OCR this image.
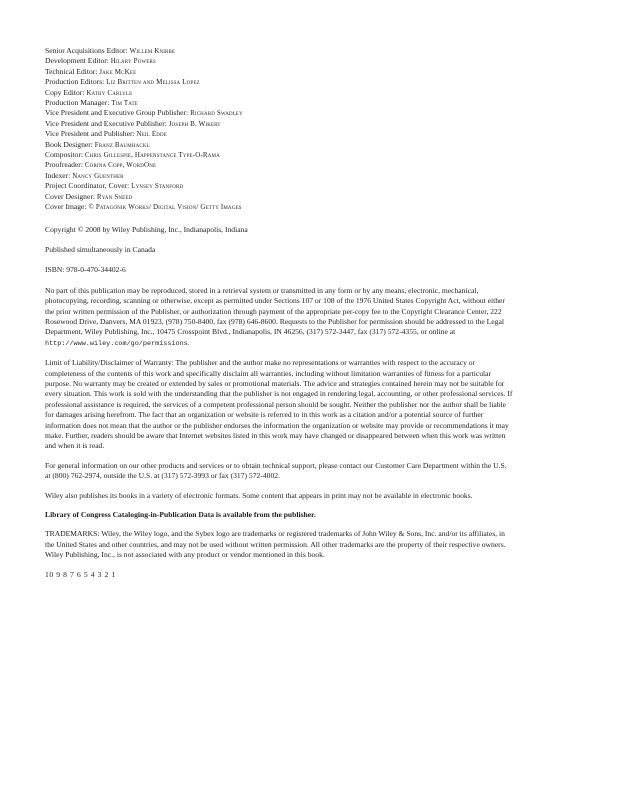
Senior Acquisitions Editor: Willem Knibbe
Development Editor: Hilary Powers
Technical Editor: Jake McKee
Production Editors: Liz Britten and Melissa Lopez
Copy Editor: Kathy Carlyle
Production Manager: Tim Tate
Vice President and Executive Group Publisher: Richard Swadley
Vice President and Executive Publisher: Joseph B. Wikert
Vice President and Publisher: Neil Edde
Book Designer: Franz Baumhackl
Compositor: Chris Gillespie, Happenstance Type-O-Rama
Proofreader: Corina Copp, WordOne
Indexer: Nancy Guenther
Project Coordinator, Cover: Lynsey Stanford
Cover Designer: Ryan Sneed
Cover Image: © Patagonik Works/ Digital Vision/ Getty Images

Copyright © 2008 by Wiley Publishing, Inc., Indianapolis, Indiana

Published simultaneously in Canada

ISBN: 978-0-470-34402-6

No part of this publication may be reproduced, stored in a retrieval system or transmitted in any form or by any means, electronic, mechanical, photocopying, recording, scanning or otherwise, except as permitted under Sections 107 or 108 of the 1976 United States Copyright Act, without either the prior written permission of the Publisher, or authorization through payment of the appropriate per-copy fee to the Copyright Clearance Center, 222 Rosewood Drive, Danvers, MA 01923, (978) 750-8400, fax (978) 646-8600. Requests to the Publisher for permission should be addressed to the Legal Department, Wiley Publishing, Inc., 10475 Crosspoint Blvd., Indianapolis, IN 46256, (317) 572-3447, fax (317) 572-4355, or online at http://www.wiley.com/go/permissions.

Limit of Liability/Disclaimer of Warranty: The publisher and the author make no representations or warranties with respect to the accuracy or completeness of the contents of this work and specifically disclaim all warranties, including without limitation warranties of fitness for a particular purpose. No warranty may be created or extended by sales or promotional materials. The advice and strategies contained herein may not be suitable for every situation. This work is sold with the understanding that the publisher is not engaged in rendering legal, accounting, or other professional services. If professional assistance is required, the services of a competent professional person should be sought. Neither the publisher nor the author shall be liable for damages arising herefrom. The fact that an organization or website is referred to in this work as a citation and/or a potential source of further information does not mean that the author or the publisher endorses the information the organization or website may provide or recommendations it may make. Further, readers should be aware that Internet websites listed in this work may have changed or disappeared between when this work was written and when it is read.

For general information on our other products and services or to obtain technical support, please contact our Customer Care Department within the U.S. at (800) 762-2974, outside the U.S. at (317) 572-3993 or fax (317) 572-4002.

Wiley also publishes its books in a variety of electronic formats. Some content that appears in print may not be available in electronic books.

Library of Congress Cataloging-in-Publication Data is available from the publisher.

TRADEMARKS: Wiley, the Wiley logo, and the Sybex logo are trademarks or registered trademarks of John Wiley & Sons, Inc. and/or its affiliates, in the United States and other countries, and may not be used without written permission. All other trademarks are the property of their respective owners. Wiley Publishing, Inc., is not associated with any product or vendor mentioned in this book.

10 9 8 7 6 5 4 3 2 1
